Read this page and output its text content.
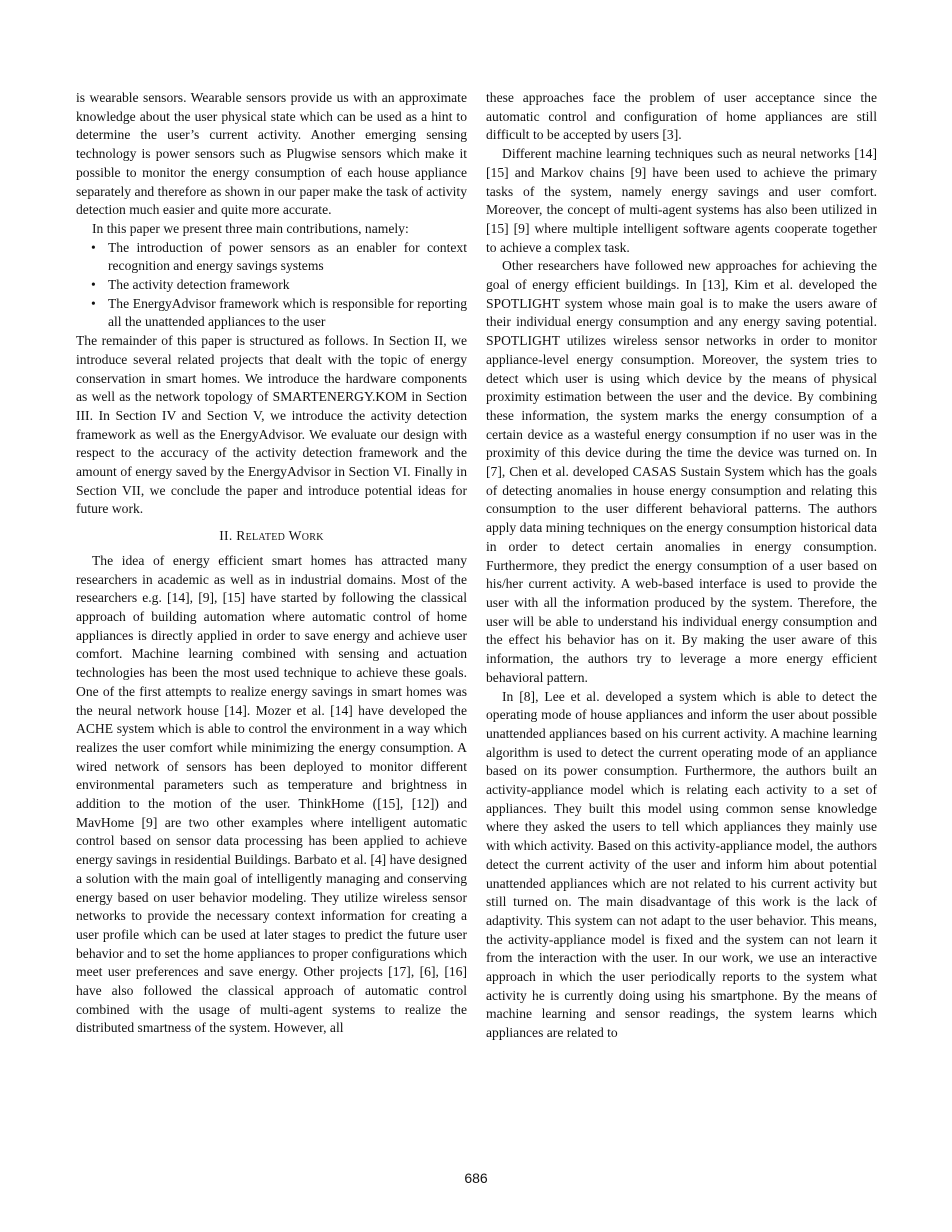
is wearable sensors. Wearable sensors provide us with an approximate knowledge about the user physical state which can be used as a hint to determine the user’s current activity. Another emerging sensing technology is power sensors such as Plugwise sensors which make it possible to monitor the energy consumption of each house appliance separately and therefore as shown in our paper make the task of activity detection much easier and quite more accurate.

In this paper we present three main contributions, namely:

• The introduction of power sensors as an enabler for context recognition and energy savings systems
• The activity detection framework
• The EnergyAdvisor framework which is responsible for reporting all the unattended appliances to the user

The remainder of this paper is structured as follows. In Section II, we introduce several related projects that dealt with the topic of energy conservation in smart homes. We introduce the hardware components as well as the network topology of SMARTENERGY.KOM in Section III. In Section IV and Section V, we introduce the activity detection framework as well as the EnergyAdvisor. We evaluate our design with respect to the accuracy of the activity detection framework and the amount of energy saved by the EnergyAdvisor in Section VI. Finally in Section VII, we conclude the paper and introduce potential ideas for future work.

II. Related Work

The idea of energy efficient smart homes has attracted many researchers in academic as well as in industrial domains. Most of the researchers e.g. [14], [9], [15] have started by following the classical approach of building automation where automatic control of home appliances is directly applied in order to save energy and achieve user comfort. Machine learning combined with sensing and actuation technologies has been the most used technique to achieve these goals. One of the first attempts to realize energy savings in smart homes was the neural network house [14]. Mozer et al. [14] have developed the ACHE system which is able to control the environment in a way which realizes the user comfort while minimizing the energy consumption. A wired network of sensors has been deployed to monitor different environmental parameters such as temperature and brightness in addition to the motion of the user. ThinkHome ([15], [12]) and MavHome [9] are two other examples where intelligent automatic control based on sensor data processing has been applied to achieve energy savings in residential Buildings. Barbato et al. [4] have designed a solution with the main goal of intelligently managing and conserving energy based on user behavior modeling. They utilize wireless sensor networks to provide the necessary context information for creating a user profile which can be used at later stages to predict the future user behavior and to set the home appliances to proper configurations which meet user preferences and save energy. Other projects [17], [6], [16] have also followed the classical approach of automatic control combined with the usage of multi-agent systems to realize the distributed smartness of the system. However, all

these approaches face the problem of user acceptance since the automatic control and configuration of home appliances are still difficult to be accepted by users [3].

Different machine learning techniques such as neural networks [14] [15] and Markov chains [9] have been used to achieve the primary tasks of the system, namely energy savings and user comfort. Moreover, the concept of multi-agent systems has also been utilized in [15] [9] where multiple intelligent software agents cooperate together to achieve a complex task.

Other researchers have followed new approaches for achieving the goal of energy efficient buildings. In [13], Kim et al. developed the SPOTLIGHT system whose main goal is to make the users aware of their individual energy consumption and any energy saving potential. SPOTLIGHT utilizes wireless sensor networks in order to monitor appliance-level energy consumption. Moreover, the system tries to detect which user is using which device by the means of physical proximity estimation between the user and the device. By combining these information, the system marks the energy consumption of a certain device as a wasteful energy consumption if no user was in the proximity of this device during the time the device was turned on. In [7], Chen et al. developed CASAS Sustain System which has the goals of detecting anomalies in house energy consumption and relating this consumption to the user different behavioral patterns. The authors apply data mining techniques on the energy consumption historical data in order to detect certain anomalies in energy consumption. Furthermore, they predict the energy consumption of a user based on his/her current activity. A web-based interface is used to provide the user with all the information produced by the system. Therefore, the user will be able to understand his individual energy consumption and the effect his behavior has on it. By making the user aware of this information, the authors try to leverage a more energy efficient behavioral pattern.

In [8], Lee et al. developed a system which is able to detect the operating mode of house appliances and inform the user about possible unattended appliances based on his current activity. A machine learning algorithm is used to detect the current operating mode of an appliance based on its power consumption. Furthermore, the authors built an activity-appliance model which is relating each activity to a set of appliances. They built this model using common sense knowledge where they asked the users to tell which appliances they mainly use with which activity. Based on this activity-appliance model, the authors detect the current activity of the user and inform him about potential unattended appliances which are not related to his current activity but still turned on. The main disadvantage of this work is the lack of adaptivity. This system can not adapt to the user behavior. This means, the activity-appliance model is fixed and the system can not learn it from the interaction with the user. In our work, we use an interactive approach in which the user periodically reports to the system what activity he is currently doing using his smartphone. By the means of machine learning and sensor readings, the system learns which appliances are related to

686
